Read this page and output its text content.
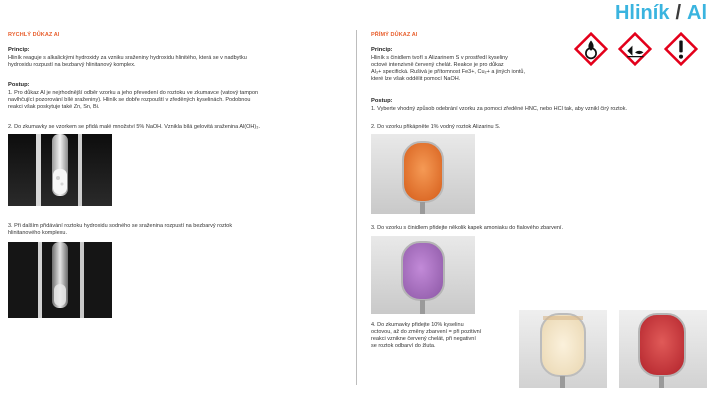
Hliník / Al
RYCHLÝ DŮKAZ Al
Princip:
Hliník reaguje s alkalickými hydroxidy za vzniku sraženiny hydroxidu hlinitého, která se v nadbytku
hydroxidu rozpustí na bezbarvý hlinitanový komplex.
Postup:
1. Pro důkaz Al je nejrhodnější odběr vzorku a jeho převedení do roztoku ve zkumavce (vatový tampon
navlhčující pozorování bílé sraženiny). Hliník se dobře rozpouští v zředěných kyselinách. Podobnou
reakci však poskytuje také Zn, Sn, Bi.
2. Do zkumavky se vzorkem se přidá malé množství 5% NaOH. Vznikla bílá gelovitá sraženina Al(OH)₃.
3. Při dalším přidávání roztoku hydroxidu sodného se sraženina rozpustí na bezbarvý roztok
hlinitanového komplexu.
PŘÍMÝ DŮKAZ Al
Princip:
Hliník s činidlem tvoří s Alizarinem S v prostředí kyseliny
octové intenzivně červený chelát. Reakce je pro důkaz
Al₃+ specifická. Rušivá je přítomnost Fe3+, Cu₂+ a jiných iontů,
které lze však oddělit pomocí NaOH.
Postup:
1. Vyberte vhodný způsob odebrání vzorku za pomoci zředěné HNC, nebo HCl tak, aby vznikl čirý roztok.
2. Do vzorku přikápněte 1% vodný roztok Alizarinu S.
3. Do vzorku s činidlem přidejte několik kapek amoniaku do fialového zbarvení.
4. Do zkumavky přidejte 10% kyselinu
octovou, až do změny zbarvení = při pozitivní
reakci vznikne červený chelát, při negativní
se roztok odbarví do žluta.
